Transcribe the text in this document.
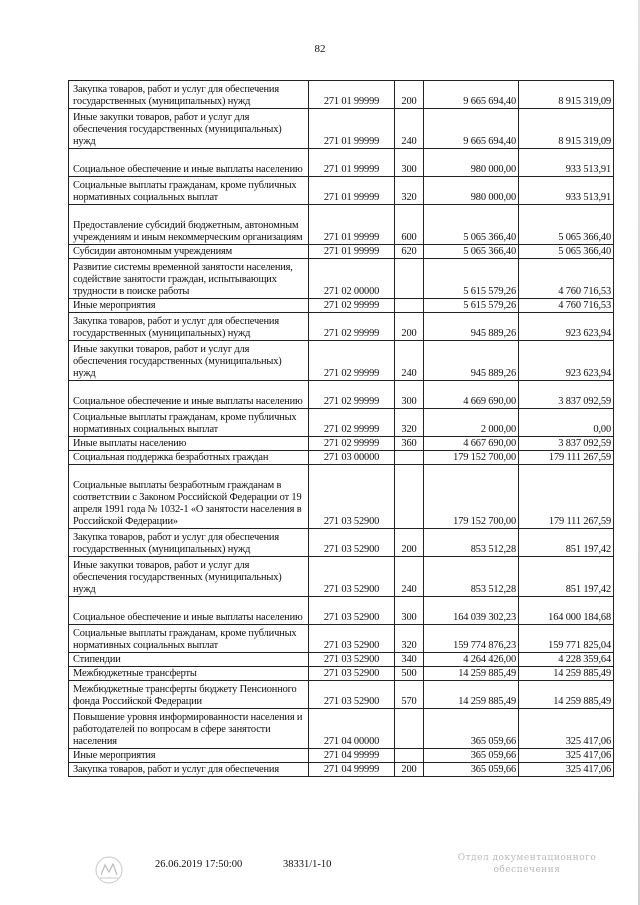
82
Закупка товаров, работ и услуг для обеспечения государственных (муниципальных) нужд	271 01 99999	200	9 665 694,40	8 915 319,09
Иные закупки товаров, работ и услуг для обеспечения государственных (муниципальных) нужд	271 01 99999	240	9 665 694,40	8 915 319,09
Социальное обеспечение и иные выплаты населению	271 01 99999	300	980 000,00	933 513,91
Социальные выплаты гражданам, кроме публичных нормативных социальных выплат	271 01 99999	320	980 000,00	933 513,91
Предоставление субсидий бюджетным, автономным учреждениям и иным некоммерческим организациям	271 01 99999	600	5 065 366,40	5 065 366,40
Субсидии автономным учреждениям	271 01 99999	620	5 065 366,40	5 065 366,40
Развитие системы временной занятости населения, содействие занятости граждан, испытывающих трудности в поиске работы	271 02 00000		5 615 579,26	4 760 716,53
Иные мероприятия	271 02 99999		5 615 579,26	4 760 716,53
Закупка товаров, работ и услуг для обеспечения государственных (муниципальных) нужд	271 02 99999	200	945 889,26	923 623,94
Иные закупки товаров, работ и услуг для обеспечения государственных (муниципальных) нужд	271 02 99999	240	945 889,26	923 623,94
Социальное обеспечение и иные выплаты населению	271 02 99999	300	4 669 690,00	3 837 092,59
Социальные выплаты гражданам, кроме публичных нормативных социальных выплат	271 02 99999	320	2 000,00	0,00
Иные выплаты населению	271 02 99999	360	4 667 690,00	3 837 092,59
Социальная поддержка безработных граждан	271 03 00000		179 152 700,00	179 111 267,59
Социальные выплаты безработным гражданам в соответствии с Законом Российской Федерации от 19 апреля 1991 года № 1032-1 «О занятости населения в Российской Федерации»	271 03 52900		179 152 700,00	179 111 267,59
Закупка товаров, работ и услуг для обеспечения государственных (муниципальных) нужд	271 03 52900	200	853 512,28	851 197,42
Иные закупки товаров, работ и услуг для обеспечения государственных (муниципальных) нужд	271 03 52900	240	853 512,28	851 197,42
Социальное обеспечение и иные выплаты населению	271 03 52900	300	164 039 302,23	164 000 184,68
Социальные выплаты гражданам, кроме публичных нормативных социальных выплат	271 03 52900	320	159 774 876,23	159 771 825,04
Стипендии	271 03 52900	340	4 264 426,00	4 228 359,64
Межбюджетные трансферты	271 03 52900	500	14 259 885,49	14 259 885,49
Межбюджетные трансферты бюджету Пенсионного фонда Российской Федерации	271 03 52900	570	14 259 885,49	14 259 885,49
Повышение уровня информированности населения и работодателей по вопросам в сфере занятости населения	271 04 00000		365 059,66	325 417,06
Иные мероприятия	271 04 99999		365 059,66	325 417,06
Закупка товаров, работ и услуг для обеспечения	271 04 99999	200	365 059,66	325 417,06
26.06.2019 17:50:00	38331/1-10
Отдел документационного обеспечения
